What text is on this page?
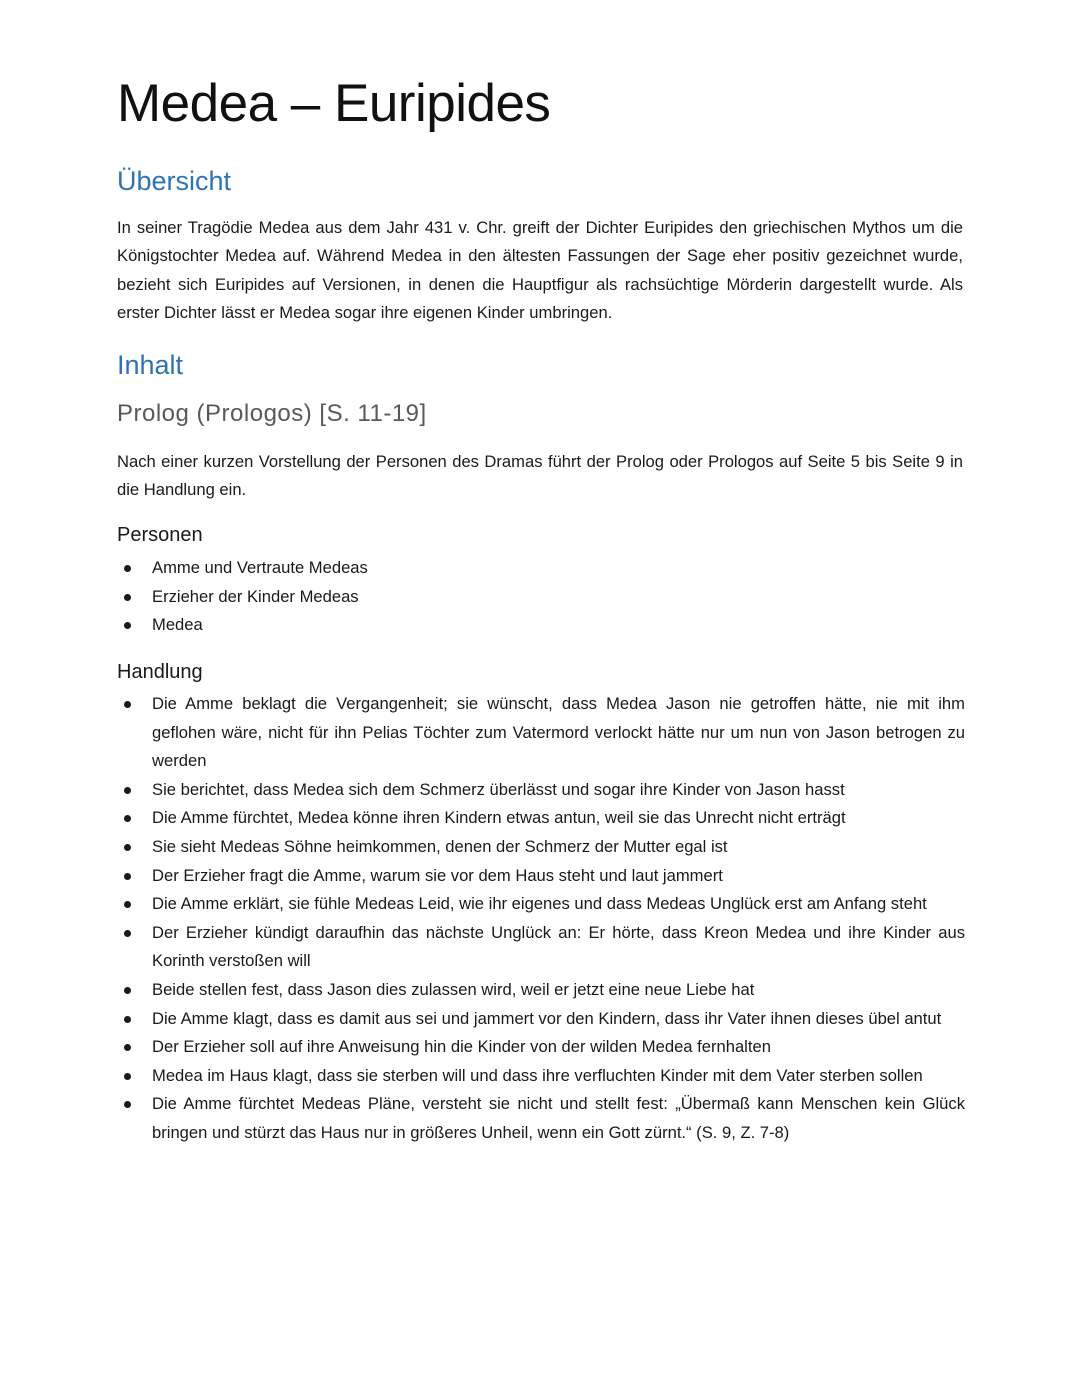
Medea – Euripides
Übersicht

In seiner Tragödie Medea aus dem Jahr 431 v. Chr. greift der Dichter Euripides den griechischen Mythos um die Königstochter Medea auf. Während Medea in den ältesten Fassungen der Sage eher positiv gezeichnet wurde, bezieht sich Euripides auf Versionen, in denen die Hauptfigur als rachsüchtige Mörderin dargestellt wurde. Als erster Dichter lässt er Medea sogar ihre eigenen Kinder umbringen.

Inhalt
Prolog (Prologos) [S. 11-19]

Nach einer kurzen Vorstellung der Personen des Dramas führt der Prolog oder Prologos auf Seite 5 bis Seite 9 in die Handlung ein.

Personen
Amme und Vertraute Medeas
Erzieher der Kinder Medeas
Medea
Handlung
Die Amme beklagt die Vergangenheit; sie wünscht, dass Medea Jason nie getroffen hätte, nie mit ihm geflohen wäre, nicht für ihn Pelias Töchter zum Vatermord verlockt hätte nur um nun von Jason betrogen zu werden
Sie berichtet, dass Medea sich dem Schmerz überlässt und sogar ihre Kinder von Jason hasst
Die Amme fürchtet, Medea könne ihren Kindern etwas antun, weil sie das Unrecht nicht erträgt
Sie sieht Medeas Söhne heimkommen, denen der Schmerz der Mutter egal ist
Der Erzieher fragt die Amme, warum sie vor dem Haus steht und laut jammert
Die Amme erklärt, sie fühle Medeas Leid, wie ihr eigenes und dass Medeas Unglück erst am Anfang steht
Der Erzieher kündigt daraufhin das nächste Unglück an: Er hörte, dass Kreon Medea und ihre Kinder aus Korinth verstoßen will
Beide stellen fest, dass Jason dies zulassen wird, weil er jetzt eine neue Liebe hat
Die Amme klagt, dass es damit aus sei und jammert vor den Kindern, dass ihr Vater ihnen dieses übel antut
Der Erzieher soll auf ihre Anweisung hin die Kinder von der wilden Medea fernhalten
Medea im Haus klagt, dass sie sterben will und dass ihre verfluchten Kinder mit dem Vater sterben sollen
Die Amme fürchtet Medeas Pläne, versteht sie nicht und stellt fest: „Übermaß kann Menschen kein Glück bringen und stürzt das Haus nur in größeres Unheil, wenn ein Gott zürnt.“ (S. 9, Z. 7-8)
